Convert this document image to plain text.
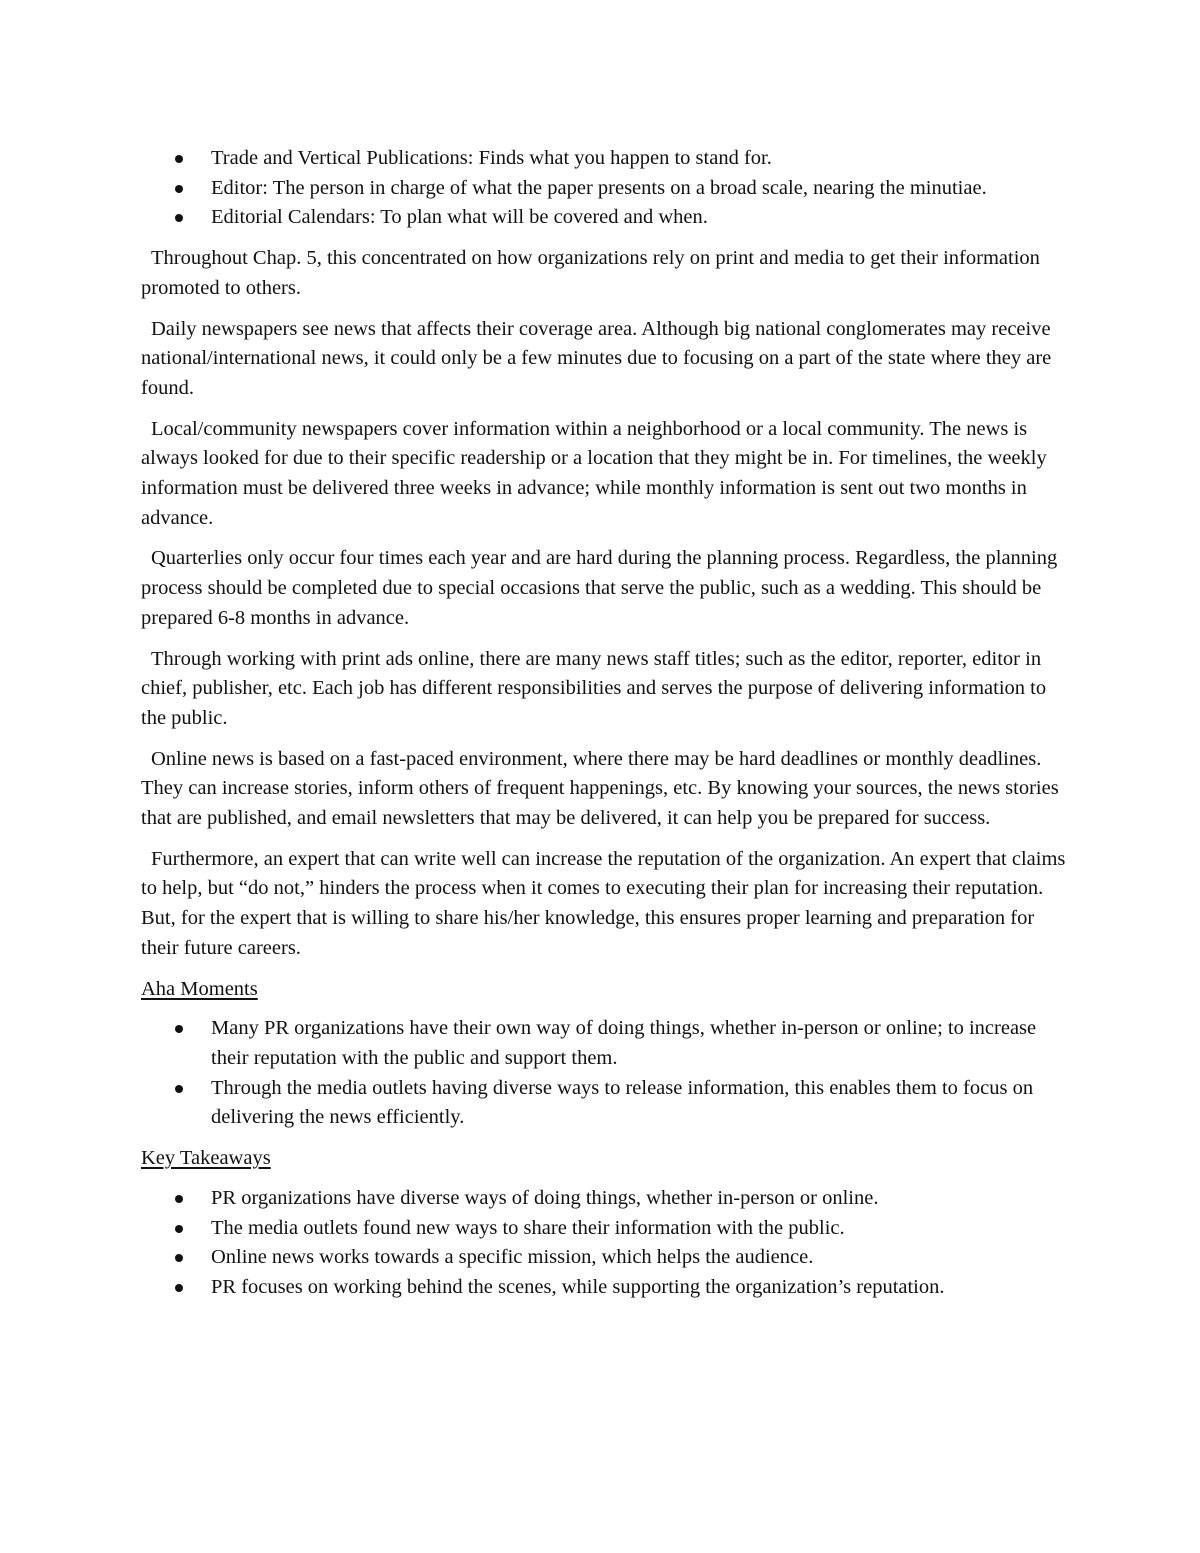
Trade and Vertical Publications: Finds what you happen to stand for.
Editor: The person in charge of what the paper presents on a broad scale, nearing the minutiae.
Editorial Calendars: To plan what will be covered and when.

Throughout Chap. 5, this concentrated on how organizations rely on print and media to get their information promoted to others.

Daily newspapers see news that affects their coverage area. Although big national conglomerates may receive national/international news, it could only be a few minutes due to focusing on a part of the state where they are found.

Local/community newspapers cover information within a neighborhood or a local community. The news is always looked for due to their specific readership or a location that they might be in. For timelines, the weekly information must be delivered three weeks in advance; while monthly information is sent out two months in advance.

Quarterlies only occur four times each year and are hard during the planning process. Regardless, the planning process should be completed due to special occasions that serve the public, such as a wedding. This should be prepared 6-8 months in advance.

Through working with print ads online, there are many news staff titles; such as the editor, reporter, editor in chief, publisher, etc. Each job has different responsibilities and serves the purpose of delivering information to the public.

Online news is based on a fast-paced environment, where there may be hard deadlines or monthly deadlines. They can increase stories, inform others of frequent happenings, etc. By knowing your sources, the news stories that are published, and email newsletters that may be delivered, it can help you be prepared for success.

Furthermore, an expert that can write well can increase the reputation of the organization. An expert that claims to help, but “do not,” hinders the process when it comes to executing their plan for increasing their reputation. But, for the expert that is willing to share his/her knowledge, this ensures proper learning and preparation for their future careers.

Aha Moments

Many PR organizations have their own way of doing things, whether in-person or online; to increase their reputation with the public and support them.
Through the media outlets having diverse ways to release information, this enables them to focus on delivering the news efficiently.

Key Takeaways

PR organizations have diverse ways of doing things, whether in-person or online.
The media outlets found new ways to share their information with the public.
Online news works towards a specific mission, which helps the audience.
PR focuses on working behind the scenes, while supporting the organization’s reputation.
